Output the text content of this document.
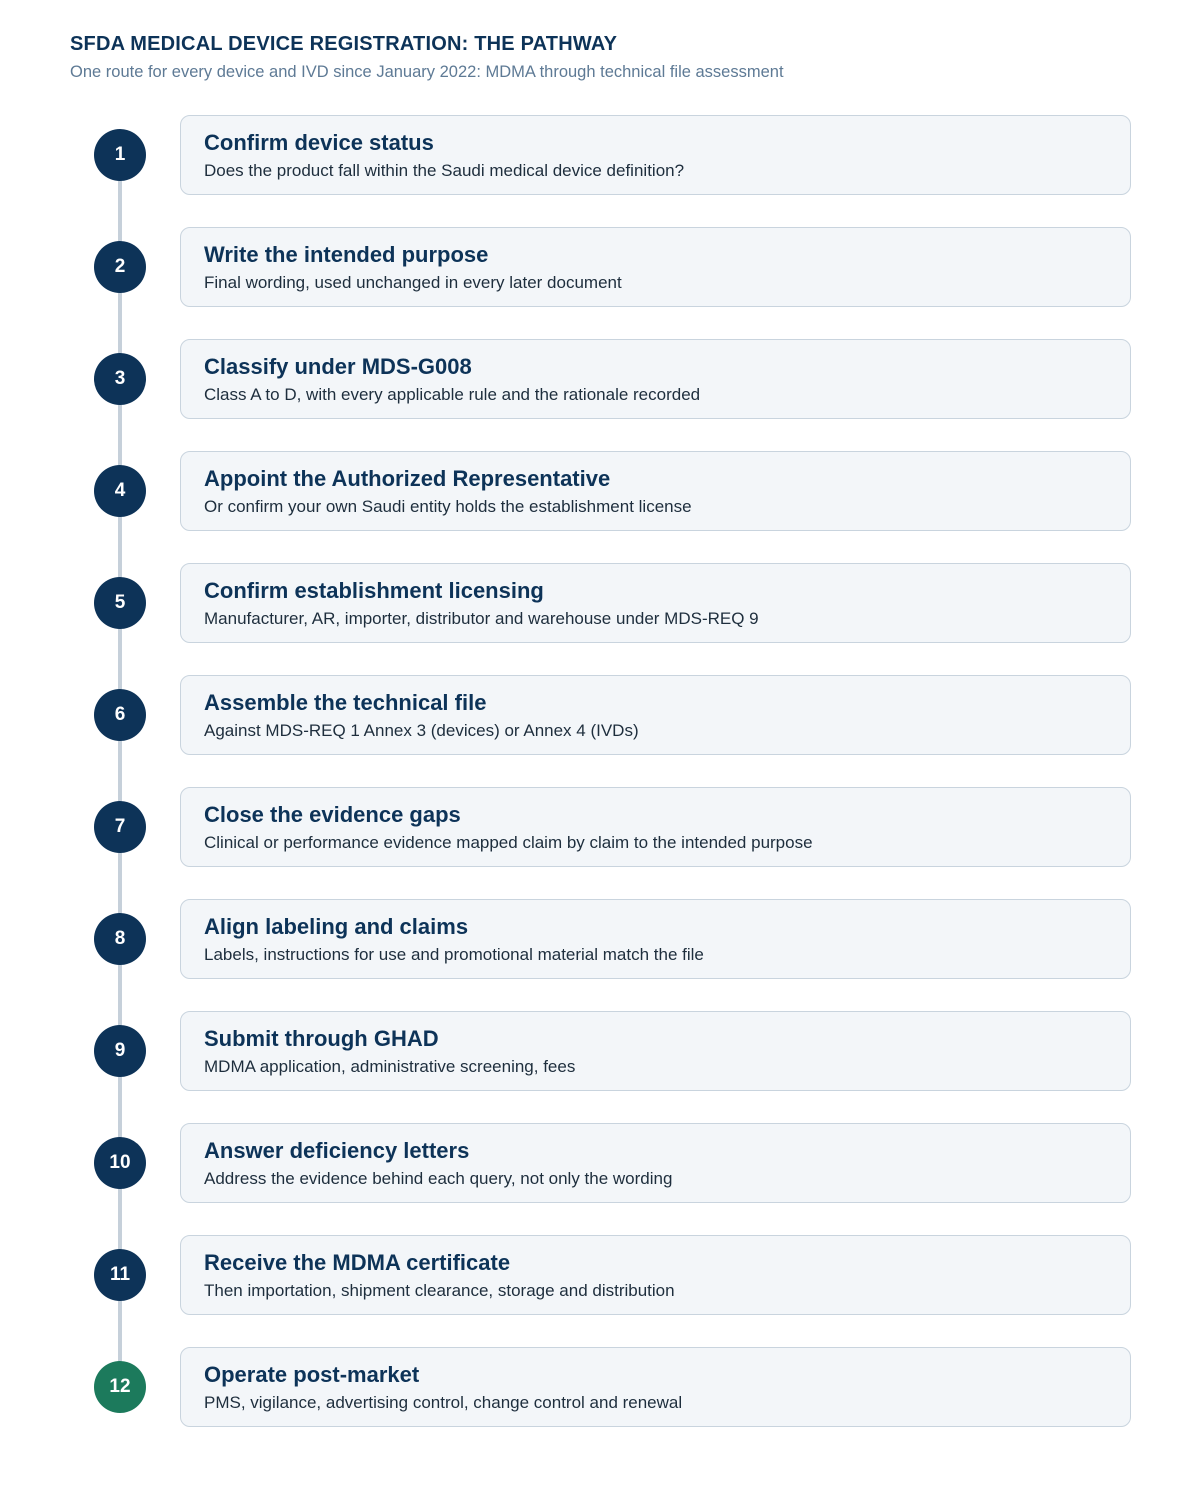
SFDA MEDICAL DEVICE REGISTRATION: THE PATHWAY

One route for every device and IVD since January 2022: MDMA through technical file assessment

1	Confirm device status
Does the product fall within the Saudi medical device definition?
2	Write the intended purpose
Final wording, used unchanged in every later document
3	Classify under MDS-G008
Class A to D, with every applicable rule and the rationale recorded
4	Appoint the Authorized Representative
Or confirm your own Saudi entity holds the establishment license
5	Confirm establishment licensing
Manufacturer, AR, importer, distributor and warehouse under MDS-REQ 9
6	Assemble the technical file
Against MDS-REQ 1 Annex 3 (devices) or Annex 4 (IVDs)
7	Close the evidence gaps
Clinical or performance evidence mapped claim by claim to the intended purpose
8	Align labeling and claims
Labels, instructions for use and promotional material match the file
9	Submit through GHAD
MDMA application, administrative screening, fees
10	Answer deficiency letters
Address the evidence behind each query, not only the wording
11	Receive the MDMA certificate
Then importation, shipment clearance, storage and distribution
12	Operate post-market
PMS, vigilance, advertising control, change control and renewal
